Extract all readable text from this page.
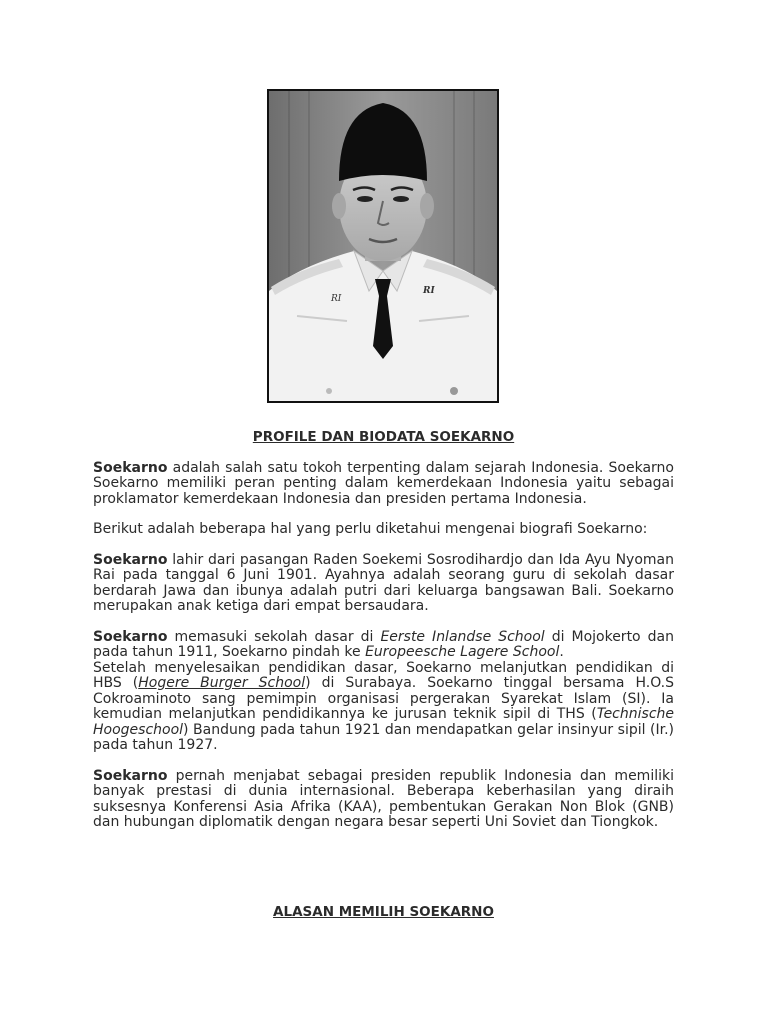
RI
RI
PROFILE DAN BIODATA SOEKARNO
Soekarno adalah salah satu tokoh terpenting dalam sejarah Indonesia. Soekarno Soekarno memiliki peran penting dalam kemerdekaan Indonesia yaitu sebagai proklamator kemerdekaan Indonesia dan presiden pertama Indonesia.
Berikut adalah beberapa hal yang perlu diketahui mengenai biografi Soekarno:
Soekarno lahir dari pasangan Raden Soekemi Sosrodihardjo dan Ida Ayu Nyoman Rai pada tanggal 6 Juni 1901. Ayahnya adalah seorang guru di sekolah dasar berdarah Jawa dan ibunya adalah putri dari keluarga bangsawan Bali. Soekarno merupakan anak ketiga dari empat bersaudara.
Soekarno memasuki sekolah dasar di Eerste Inlandse School di Mojokerto dan pada tahun 1911, Soekarno pindah ke Europeesche Lagere School.
Setelah menyelesaikan pendidikan dasar, Soekarno melanjutkan pendidikan di HBS (Hogere Burger School) di Surabaya. Soekarno tinggal bersama H.O.S Cokroaminoto sang pemimpin organisasi pergerakan Syarekat Islam (SI). Ia kemudian melanjutkan pendidikannya ke jurusan teknik sipil di THS (Technische Hoogeschool) Bandung pada tahun 1921 dan mendapatkan gelar insinyur sipil (Ir.) pada tahun 1927.
Soekarno pernah menjabat sebagai presiden republik Indonesia dan memiliki banyak prestasi di dunia internasional. Beberapa keberhasilan yang diraih suksesnya Konferensi Asia Afrika (KAA), pembentukan Gerakan Non Blok (GNB) dan hubungan diplomatik dengan negara besar seperti Uni Soviet dan Tiongkok.
ALASAN MEMILIH SOEKARNO
